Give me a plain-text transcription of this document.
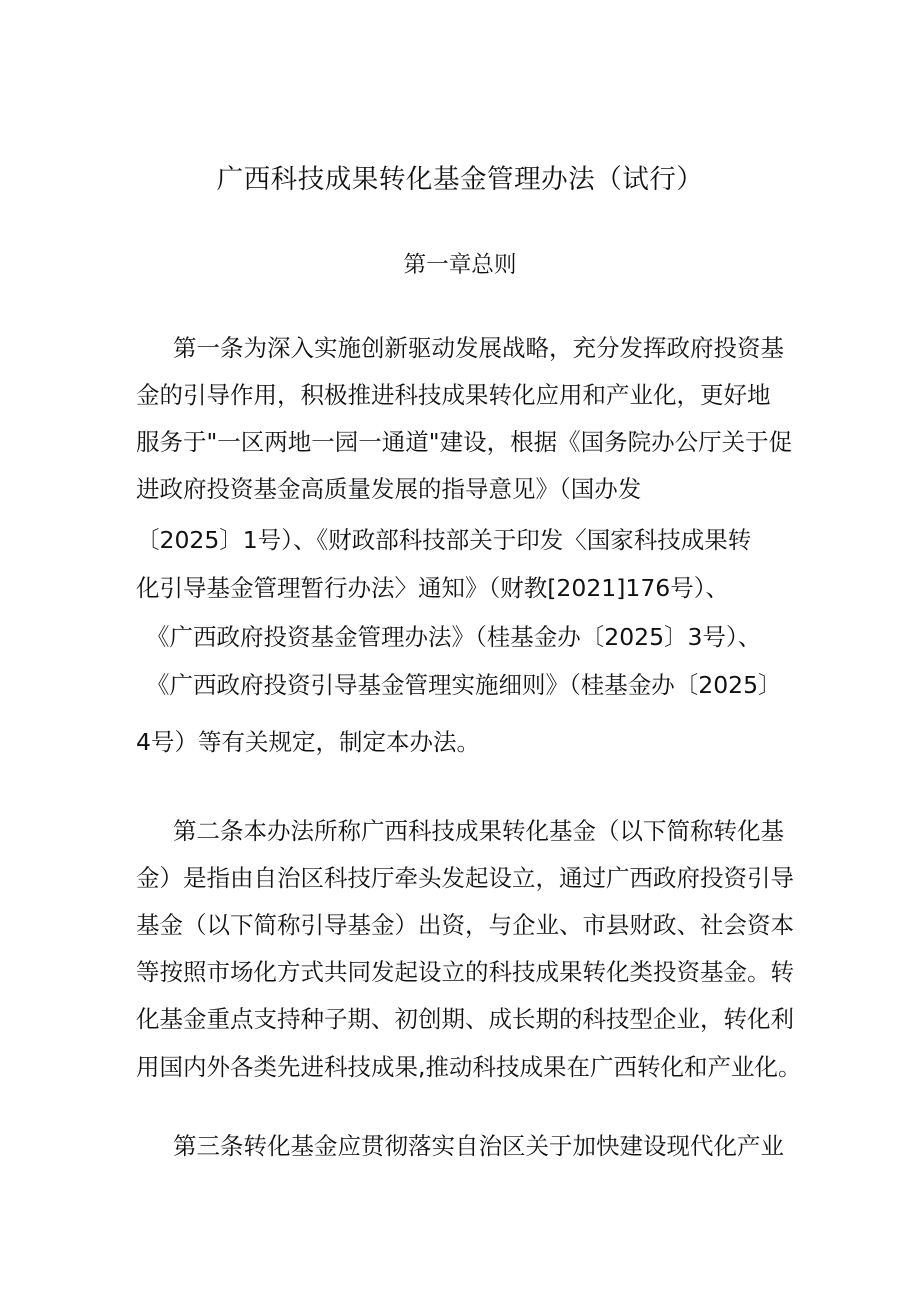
广西科技成果转化基金管理办法（试行）
第一章总则
第一条为深入实施创新驱动发展战略，充分发挥政府投资基
金的引导作用，积极推进科技成果转化应用和产业化，更好地
服务于"一区两地一园一通道"建设，根据《国务院办公厅关于促
进政府投资基金高质量发展的指导意见》（国办发
〔2025〕1号）、《财政部科技部关于印发〈国家科技成果转
化引导基金管理暂行办法〉通知》（财教[2021]176号）、
《广西政府投资基金管理办法》（桂基金办〔2025〕3号）、
《广西政府投资引导基金管理实施细则》（桂基金办〔2025〕
4号）等有关规定，制定本办法。
第二条本办法所称广西科技成果转化基金（以下简称转化基
金）是指由自治区科技厅牵头发起设立，通过广西政府投资引导
基金（以下简称引导基金）出资，与企业、市县财政、社会资本
等按照市场化方式共同发起设立的科技成果转化类投资基金。转
化基金重点支持种子期、初创期、成长期的科技型企业，转化利
用国内外各类先进科技成果,推动科技成果在广西转化和产业化。
第三条转化基金应贯彻落实自治区关于加快建设现代化产业
